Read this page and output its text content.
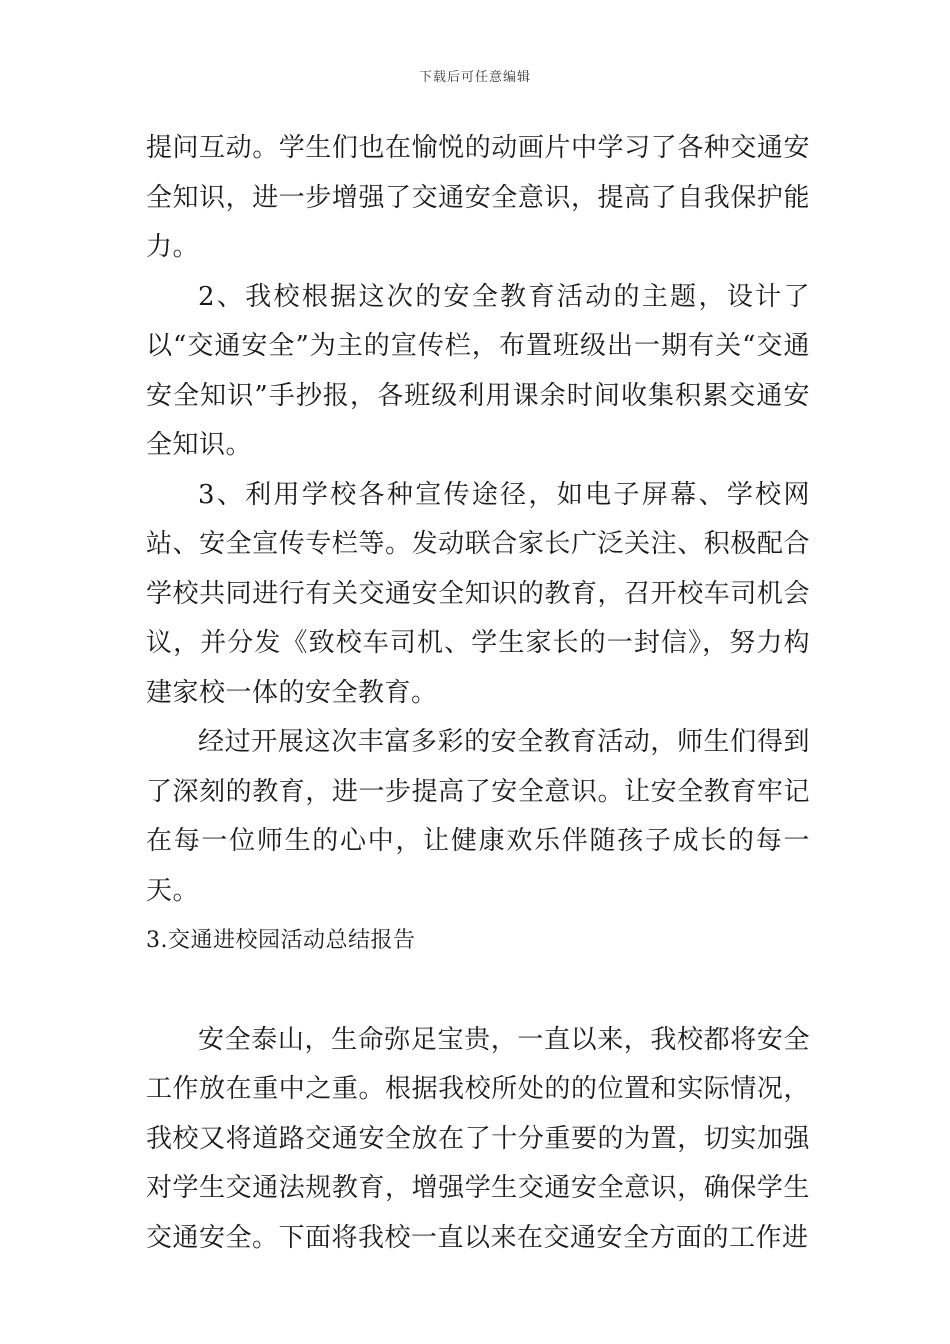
下载后可任意编辑

提问互动。学生们也在愉悦的动画片中学习了各种交通安全知识，进一步增强了交通安全意识，提高了自我保护能力。

2、我校根据这次的安全教育活动的主题，设计了以“交通安全”为主的宣传栏，布置班级出一期有关“交通安全知识”手抄报，各班级利用课余时间收集积累交通安全知识。

3、利用学校各种宣传途径，如电子屏幕、学校网站、安全宣传专栏等。发动联合家长广泛关注、积极配合学校共同进行有关交通安全知识的教育，召开校车司机会议，并分发《致校车司机、学生家长的一封信》，努力构建家校一体的安全教育。

经过开展这次丰富多彩的安全教育活动，师生们得到了深刻的教育，进一步提高了安全意识。让安全教育牢记在每一位师生的心中，让健康欢乐伴随孩子成长的每一天。

3.交通进校园活动总结报告

安全泰山，生命弥足宝贵，一直以来，我校都将安全工作放在重中之重。根据我校所处的的位置和实际情况，我校又将道路交通安全放在了十分重要的为置，切实加强对学生交通法规教育，增强学生交通安全意识，确保学生交通安全。下面将我校一直以来在交通安全方面的工作进
